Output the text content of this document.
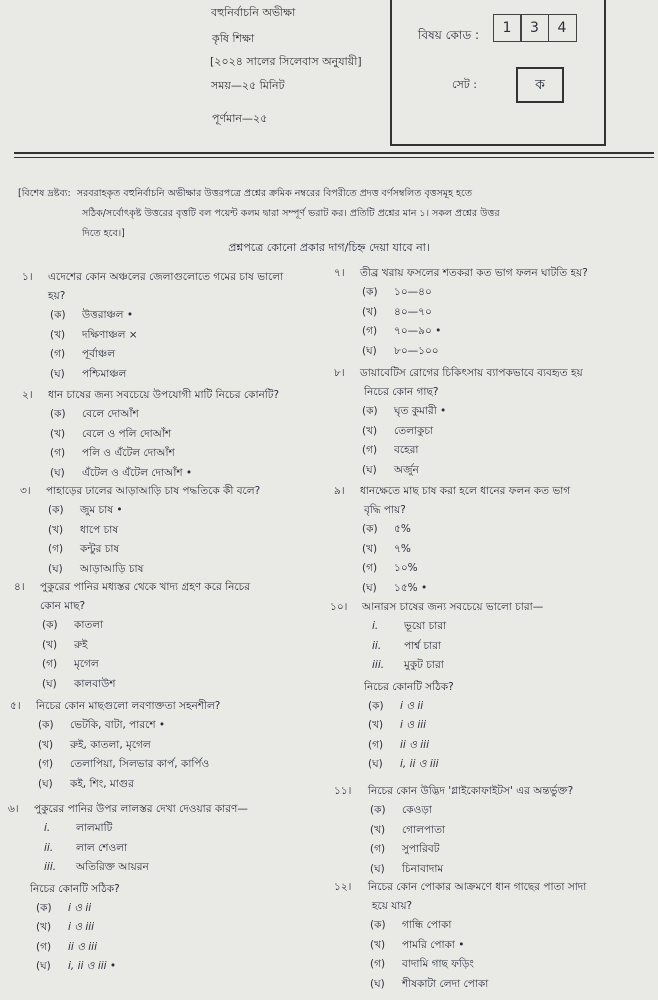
বহুনির্বাচনি অভীক্ষা
কৃষি শিক্ষা
[২০২৪ সালের সিলেবাস অনুযায়ী]
সময়—২৫ মিনিট
পূর্ণমান—২৫
বিষয় কোড :	1	3	4
সেট :	ক
[বিশেষ দ্রষ্টব্য: সরবরাহকৃত বহুনির্বাচনি অভীক্ষার উত্তরপত্রে প্রশ্নের ক্রমিক নম্বরের বিপরীতে প্রদত্ত বর্ণসম্বলিত বৃত্তসমূহ হতে
সঠিক/সর্বোৎকৃষ্ট উত্তরের বৃত্তটি বল পয়েন্ট কলম দ্বারা সম্পূর্ণ ভরাট কর। প্রতিটি প্রশ্নের মান ১। সকল প্রশ্নের উত্তর
দিতে হবে।]
প্রশ্নপত্রে কোনো প্রকার দাগ/চিহ্ন দেয়া যাবে না।
১।	এদেশের কোন অঞ্চলের জেলাগুলোতে গমের চাষ ভালো
হয়?
(ক)	উত্তরাঞ্চল •
(খ)	দক্ষিণাঞ্চল ×
(গ)	পূর্বাঞ্চল
(ঘ)	পশ্চিমাঞ্চল
২।	ধান চাষের জন্য সবচেয়ে উপযোগী মাটি নিচের কোনটি?
(ক)	বেলে দোআঁশ
(খ)	বেলে ও পলি দোআঁশ
(গ)	পলি ও এঁটেল দোআঁশ
(ঘ)	এঁটেল ও এঁটেল দোআঁশ •
৩।	পাহাড়ের ঢালের আড়াআড়ি চাষ পদ্ধতিকে কী বলে?
(ক)	জুম চাষ •
(খ)	ধাপে চাষ
(গ)	কন্টুর চাষ
(ঘ)	আড়াআড়ি চাষ
৪।	পুকুরের পানির মধ্যস্তর থেকে খাদ্য গ্রহণ করে নিচের
কোন মাছ?
(ক)	কাতলা
(খ)	রুই
(গ)	মৃগেল
(ঘ)	কালবাউশ
৫।	নিচের কোন মাছগুলো লবণাক্ততা সহনশীল?
(ক)	ভেটকি, বাটা, পারশে •
(খ)	রুই, কাতলা, মৃগেল
(গ)	তেলাপিয়া, সিলভার কার্প, কার্পিও
(ঘ)	কই, শিং, মাগুর
৬।	পুকুরের পানির উপর লালস্তর দেখা দেওয়ার কারণ—
i.	লালমাটি
ii.	লাল শেওলা
iii.	অতিরিক্ত আয়রন
নিচের কোনটি সঠিক?
(ক)	i ও ii
(খ)	i ও iii
(গ)	ii ও iii
(ঘ)	i, ii ও iii •
৭।	তীব্র খরায় ফসলের শতকরা কত ভাগ ফলন ঘাটতি হয়?
(ক)	১০—৪০
(খ)	৪০—৭০
(গ)	৭০—৯০ •
(ঘ)	৮০—১০০
৮।	ডায়াবেটিস রোগের চিকিৎসায় ব্যাপকভাবে ব্যবহৃত হয়
নিচের কোন গাছ?
(ক)	ঘৃত কুমারী •
(খ)	তেলাকুচা
(গ)	বহেরা
(ঘ)	অর্জুন
৯।	ধানক্ষেতে মাছ চাষ করা হলে ধানের ফলন কত ভাগ
বৃদ্ধি পায়?
(ক)	৫%
(খ)	৭%
(গ)	১০%
(ঘ)	১৫% •
১০।	আনারস চাষের জন্য সবচেয়ে ভালো চারা—
i.	ভূয়ো চারা
ii.	পার্শ্ব চারা
iii.	মুকুট চারা
নিচের কোনটি সঠিক?
(ক)	i ও ii
(খ)	i ও iii
(গ)	ii ও iii
(ঘ)	i, ii ও iii
১১।	নিচের কোন উদ্ভিদ 'গ্লাইকোফাইটস' এর অন্তর্ভুক্ত?
(ক)	কেওড়া
(খ)	গোলপাতা
(গ)	সুপারিবট
(ঘ)	চিনাবাদাম
১২।	নিচের কোন পোকার আক্রমণে ধান গাছের পাতা সাদা
হয়ে যায়?
(ক)	গান্ধি পোকা
(খ)	পামরি পোকা •
(গ)	বাদামি গাছ ফড়িং
(ঘ)	শীষকাটা লেদা পোকা
